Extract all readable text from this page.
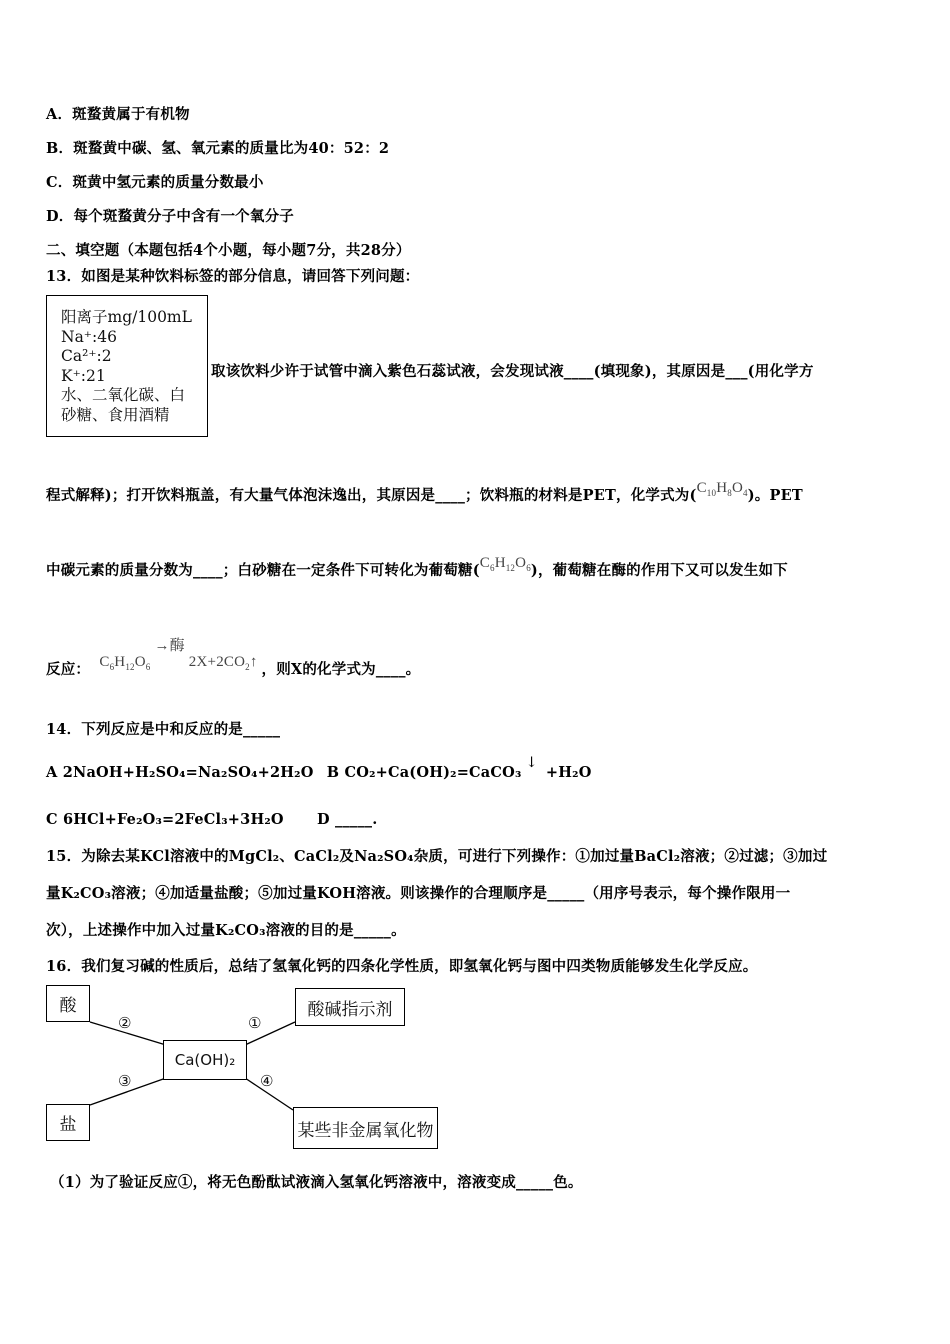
A．斑蝥黄属于有机物
B．斑蝥黄中碳、氢、氧元素的质量比为40：52：2
C．斑黄中氢元素的质量分数最小
D．每个斑蝥黄分子中含有一个氧分子
二、填空题（本题包括4个小题，每小题7分，共28分）
13．如图是某种饮料标签的部分信息，请回答下列问题：
阳离子mg/100mL
Na⁺:46
Ca²⁺:2
K⁺:21
水、二氧化碳、白
砂糖、食用酒精
取该饮料少许于试管中滴入紫色石蕊试液，会发现试液____(填现象)，其原因是___(用化学方
程式解释)；打开饮料瓶盖，有大量气体泡沫逸出，其原因是____；饮料瓶的材料是PET，化学式为$(C_{10}H_8O_4)$。PET
中碳元素的质量分数为____；白砂糖在一定条件下可转化为葡萄糖$(C_6H_{12}O_6)$，葡萄糖在酶的作用下又可以发生如下
反应： $C_6H_{12}O_6$ →酶 $2X+2CO_2↑$ ，则X的化学式为____。
14．下列反应是中和反应的是_____
A 2NaOH+H₂SO₄=Na₂SO₄+2H₂O B CO₂+Ca(OH)₂=CaCO₃↓+H₂O
C 6HCl+Fe₂O₃=2FeCl₃+3H₂O D _____.
15．为除去某KCl溶液中的MgCl₂、CaCl₂及Na₂SO₄杂质，可进行下列操作：①加过量BaCl₂溶液；②过滤；③加过
量K₂CO₃溶液；④加适量盐酸；⑤加过量KOH溶液。则该操作的合理顺序是_____（用序号表示，每个操作限用一
次），上述操作中加入过量K₂CO₃溶液的目的是_____。
16．我们复习碱的性质后，总结了氢氧化钙的四条化学性质，即氢氧化钙与图中四类物质能够发生化学反应。
酸	酸碱指示剂
Ca(OH)₂
盐	某些非金属氧化物
②	①
③	④
（1）为了验证反应①，将无色酚酞试液滴入氢氧化钙溶液中，溶液变成_____色。
